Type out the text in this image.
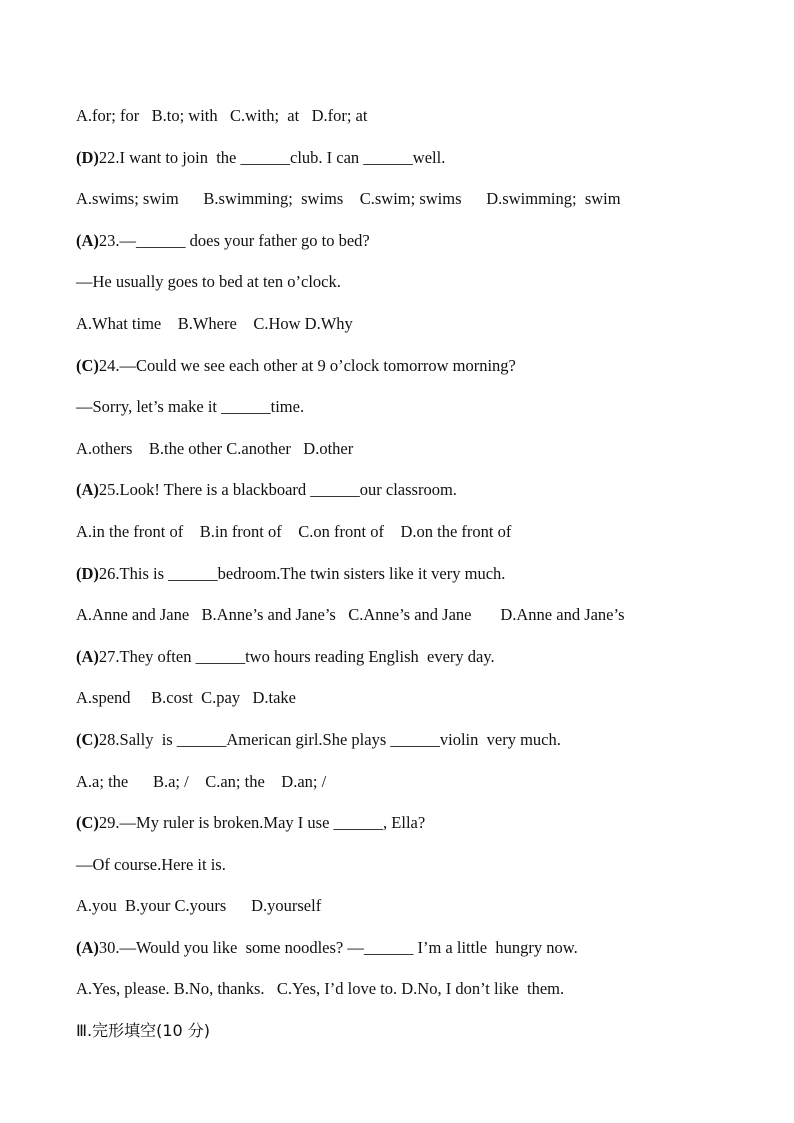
A.for; for   B.to; with   C.with;  at   D.for; at
(D)22.I want to join  the ______club. I can ______well.
A.swims; swim      B.swimming;  swims    C.swim; swims      D.swimming;  swim
(A)23.—______ does your father go to bed?
—He usually goes to bed at ten o’clock.
A.What time    B.Where    C.How D.Why
(C)24.—Could we see each other at 9 o’clock tomorrow morning?
—Sorry, let’s make it ______time.
A.others    B.the other C.another   D.other
(A)25.Look! There is a blackboard ______our classroom.
A.in the front of    B.in front of    C.on front of    D.on the front of
(D)26.This is ______bedroom.The twin sisters like it very much.
A.Anne and Jane   B.Anne’s and Jane’s   C.Anne’s and Jane       D.Anne and Jane’s
(A)27.They often ______two hours reading English  every day.
A.spend     B.cost  C.pay   D.take
(C)28.Sally  is ______American girl.She plays ______violin  very much.
A.a; the      B.a; /    C.an; the    D.an; /
(C)29.—My ruler is broken.May I use ______, Ella?
—Of course.Here it is.
A.you  B.your C.yours      D.yourself
(A)30.—Would you like  some noodles? —______ I’m a little  hungry now.
A.Yes, please. B.No, thanks.   C.Yes, I’d love to. D.No, I don’t like  them.
Ⅲ.完形填空(10 分)
